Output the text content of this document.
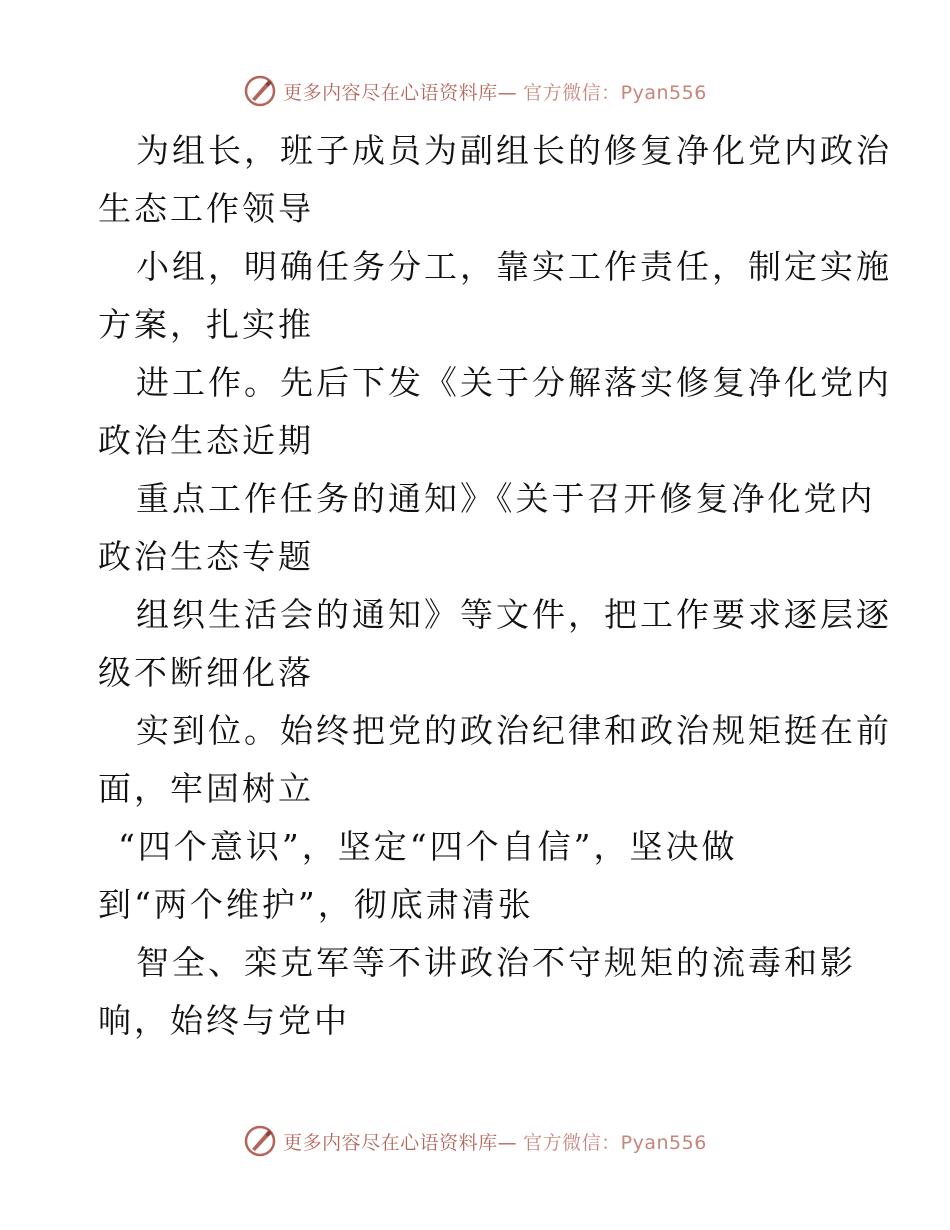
更多内容尽在心语资料库— 官方微信：Pyan556
为组长，班子成员为副组长的修复净化党内政治
生态工作领导
小组，明确任务分工，靠实工作责任，制定实施
方案，扎实推
进工作。先后下发《关于分解落实修复净化党内
政治生态近期
重点工作任务的通知》《关于召开修复净化党内
政治生态专题
组织生活会的通知》等文件，把工作要求逐层逐
级不断细化落
实到位。始终把党的政治纪律和政治规矩挺在前
面，牢固树立
“四个意识”，坚定“四个自信”，坚决做
到“两个维护”，彻底肃清张
智全、栾克军等不讲政治不守规矩的流毒和影
响，始终与党中
更多内容尽在心语资料库— 官方微信：Pyan556
